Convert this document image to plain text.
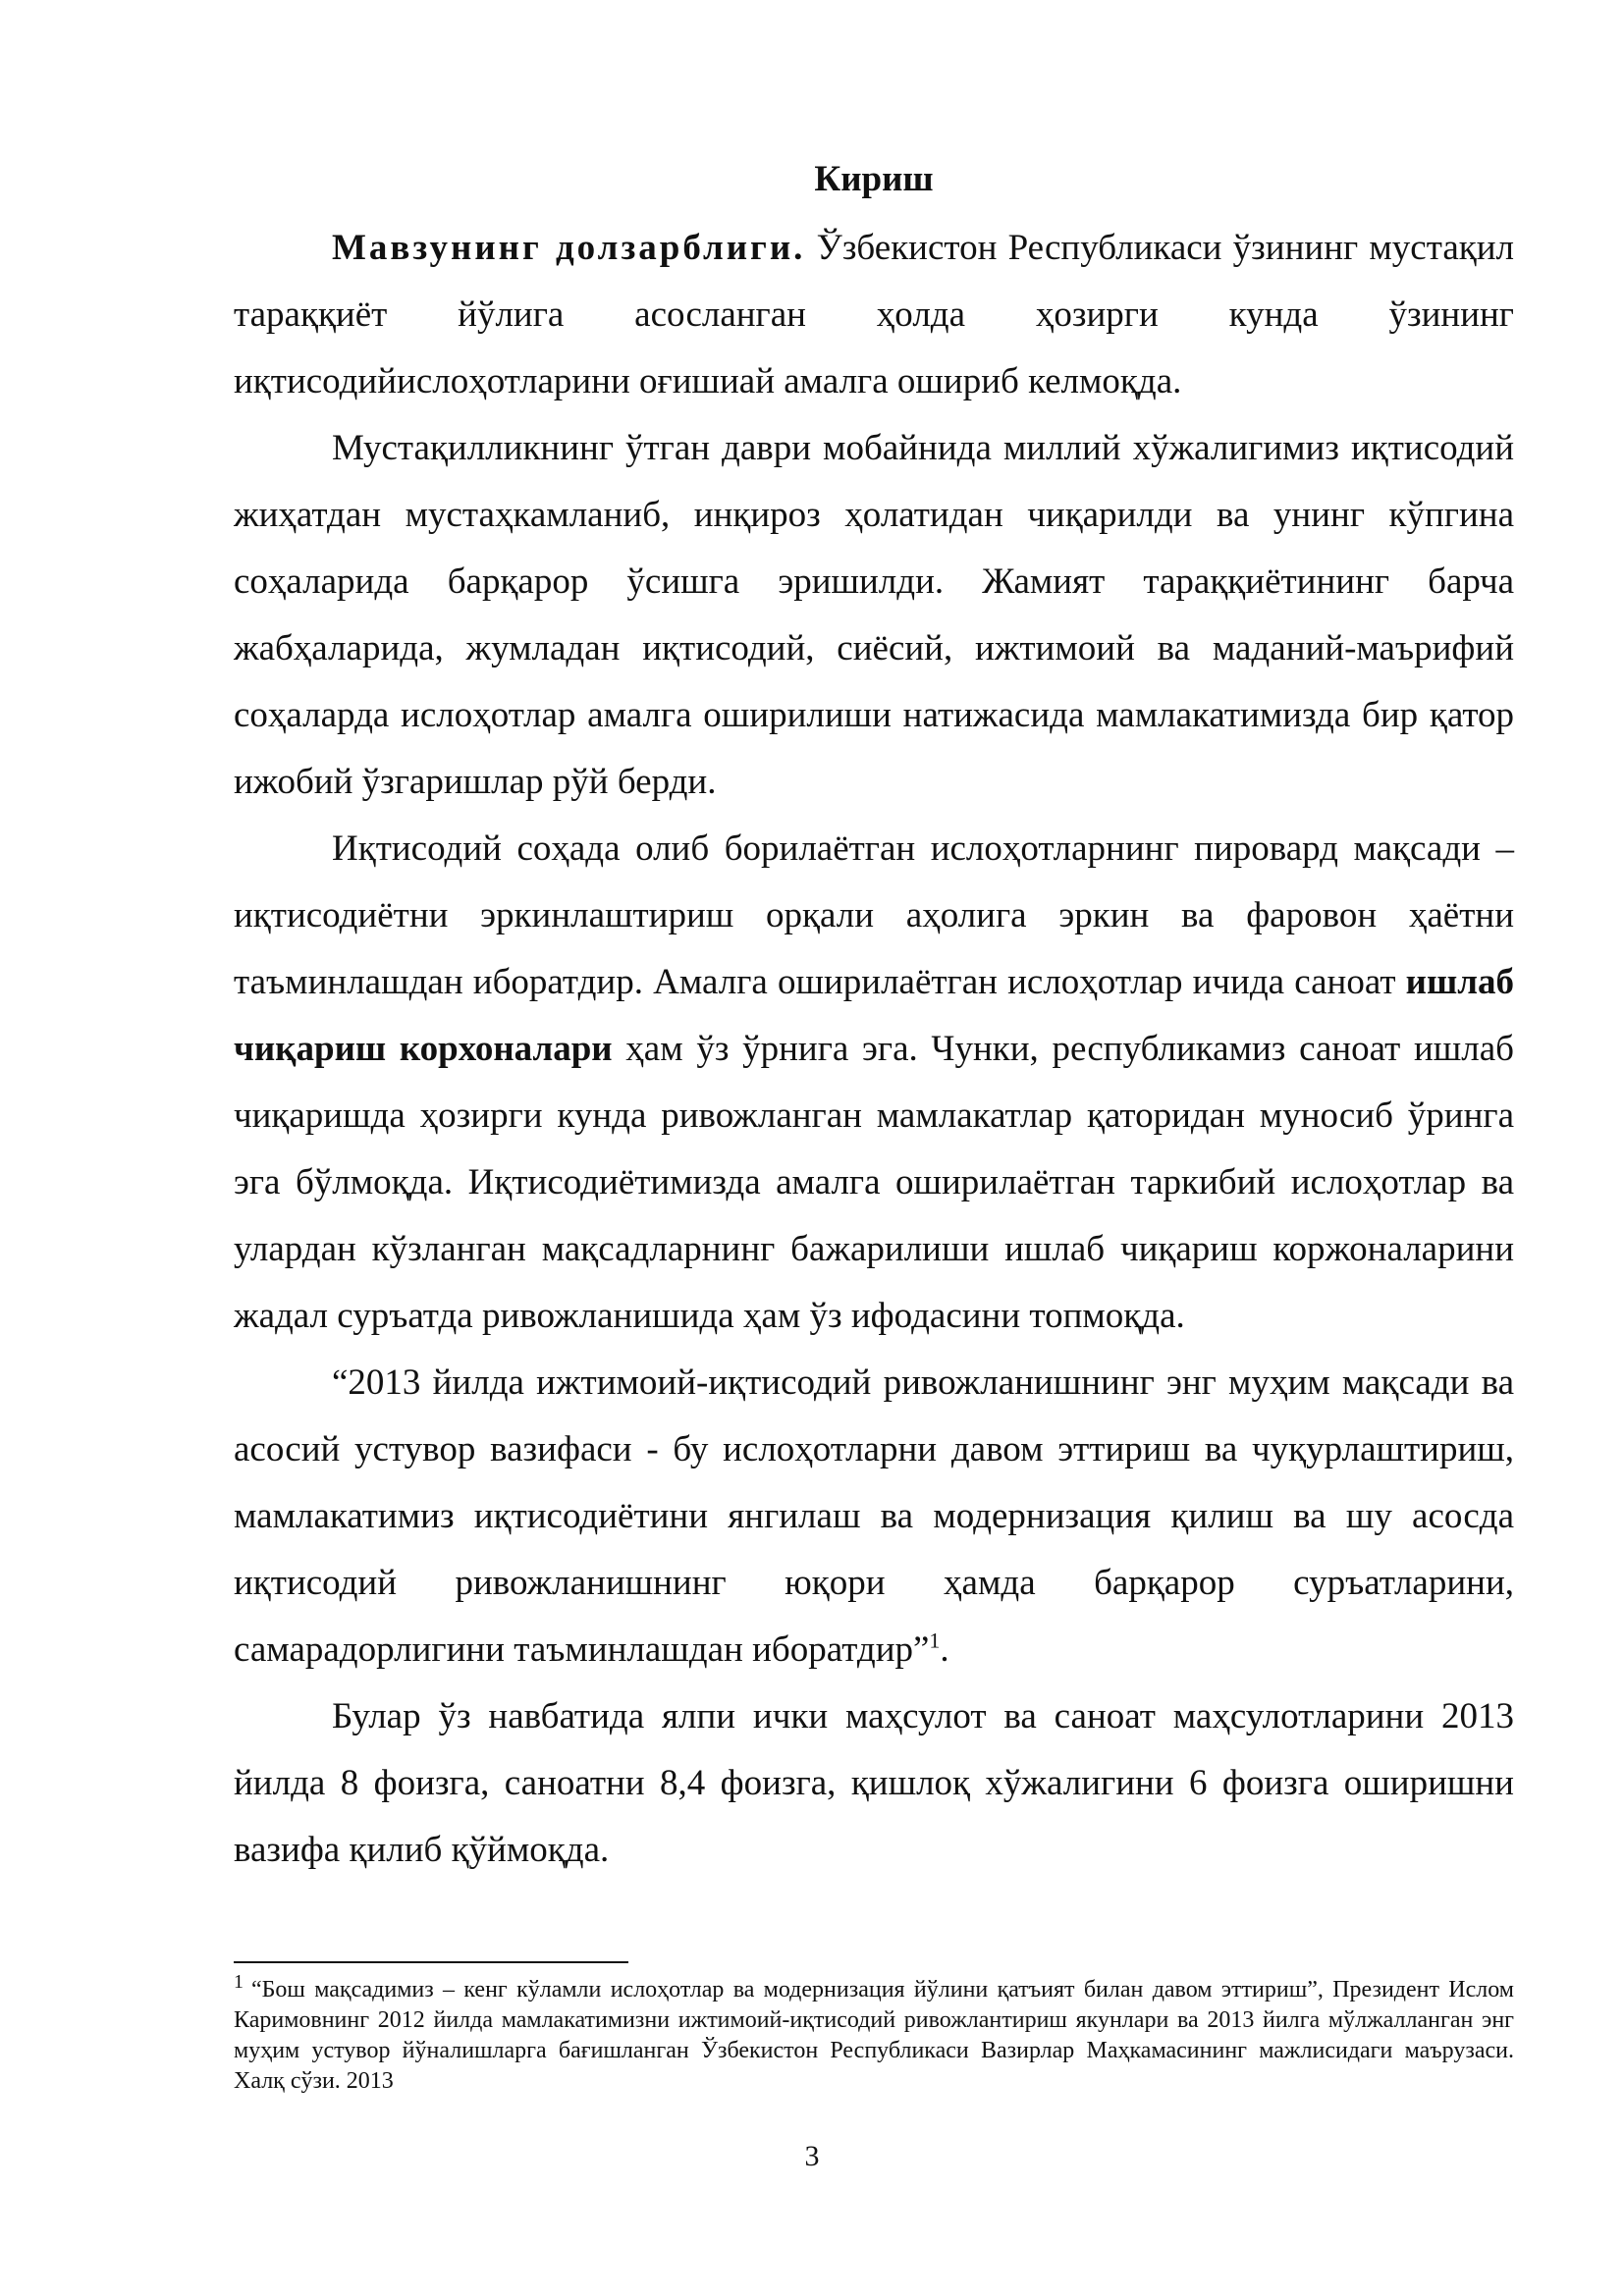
Кириш

Мавзунинг долзарблиги. Ўзбекистон Республикаси ўзининг мустақил тараққиёт йўлига асосланган ҳолда ҳозирги кунда ўзининг иқтисодийислоҳотларини оғишиай амалга ошириб келмоқда.

Мустақилликнинг ўтган даври мобайнида миллий хўжалигимиз иқтисодий жиҳатдан мустаҳкамланиб, инқироз ҳолатидан чиқарилди ва унинг кўпгина соҳаларида барқарор ўсишга эришилди. Жамият тараққиётининг барча жабҳаларида, жумладан иқтисодий, сиёсий, ижтимоий ва маданий-маърифий соҳаларда ислоҳотлар амалга оширилиши натижасида мамлакатимизда бир қатор ижобий ўзгаришлар рўй берди.

Иқтисодий соҳада олиб борилаётган ислоҳотларнинг пировард мақсади – иқтисодиётни эркинлаштириш орқали аҳолига эркин ва фаровон ҳаётни таъминлашдан иборатдир. Амалга оширилаётган ислоҳотлар ичида саноат ишлаб чиқариш корхоналари ҳам ўз ўрнига эга. Чунки, республикамиз саноат ишлаб чиқаришда ҳозирги кунда ривожланган мамлакатлар қаторидан муносиб ўринга эга бўлмоқда. Иқтисодиётимизда амалга оширилаётган таркибий ислоҳотлар ва улардан кўзланган мақсадларнинг бажарилиши ишлаб чиқариш коржоналарини жадал суръатда ривожланишида ҳам ўз ифодасини топмоқда.

“2013 йилда ижтимоий-иқтисодий ривожланишнинг энг муҳим мақсади ва асосий устувор вазифаси - бу ислоҳотларни давом эттириш ва чуқурлаштириш, мамлакатимиз иқтисодиётини янгилаш ва модернизация қилиш ва шу асосда иқтисодий ривожланишнинг юқори ҳамда барқарор суръатларини, самарадорлигини таъминлашдан иборатдир”$^1$.

Булар ўз навбатида ялпи ички маҳсулот ва саноат маҳсулотларини 2013 йилда 8 фоизга, саноатни 8,4 фоизга, қишлоқ хўжалигини 6 фоизга оширишни вазифа қилиб қўймоқда.

$^1$ “Бош мақсадимиз – кенг кўламли ислоҳотлар ва модернизация йўлини қатъият билан давом эттириш”, Президент Ислом Каримовнинг 2012 йилда мамлакатимизни ижтимоий-иқтисодий ривожлантириш якунлари ва 2013 йилга мўлжалланган энг муҳим устувор йўналишларга бағишланган Ўзбекистон Республикаси Вазирлар Маҳкамасининг мажлисидаги маърузаси. Халқ сўзи. 2013

3
